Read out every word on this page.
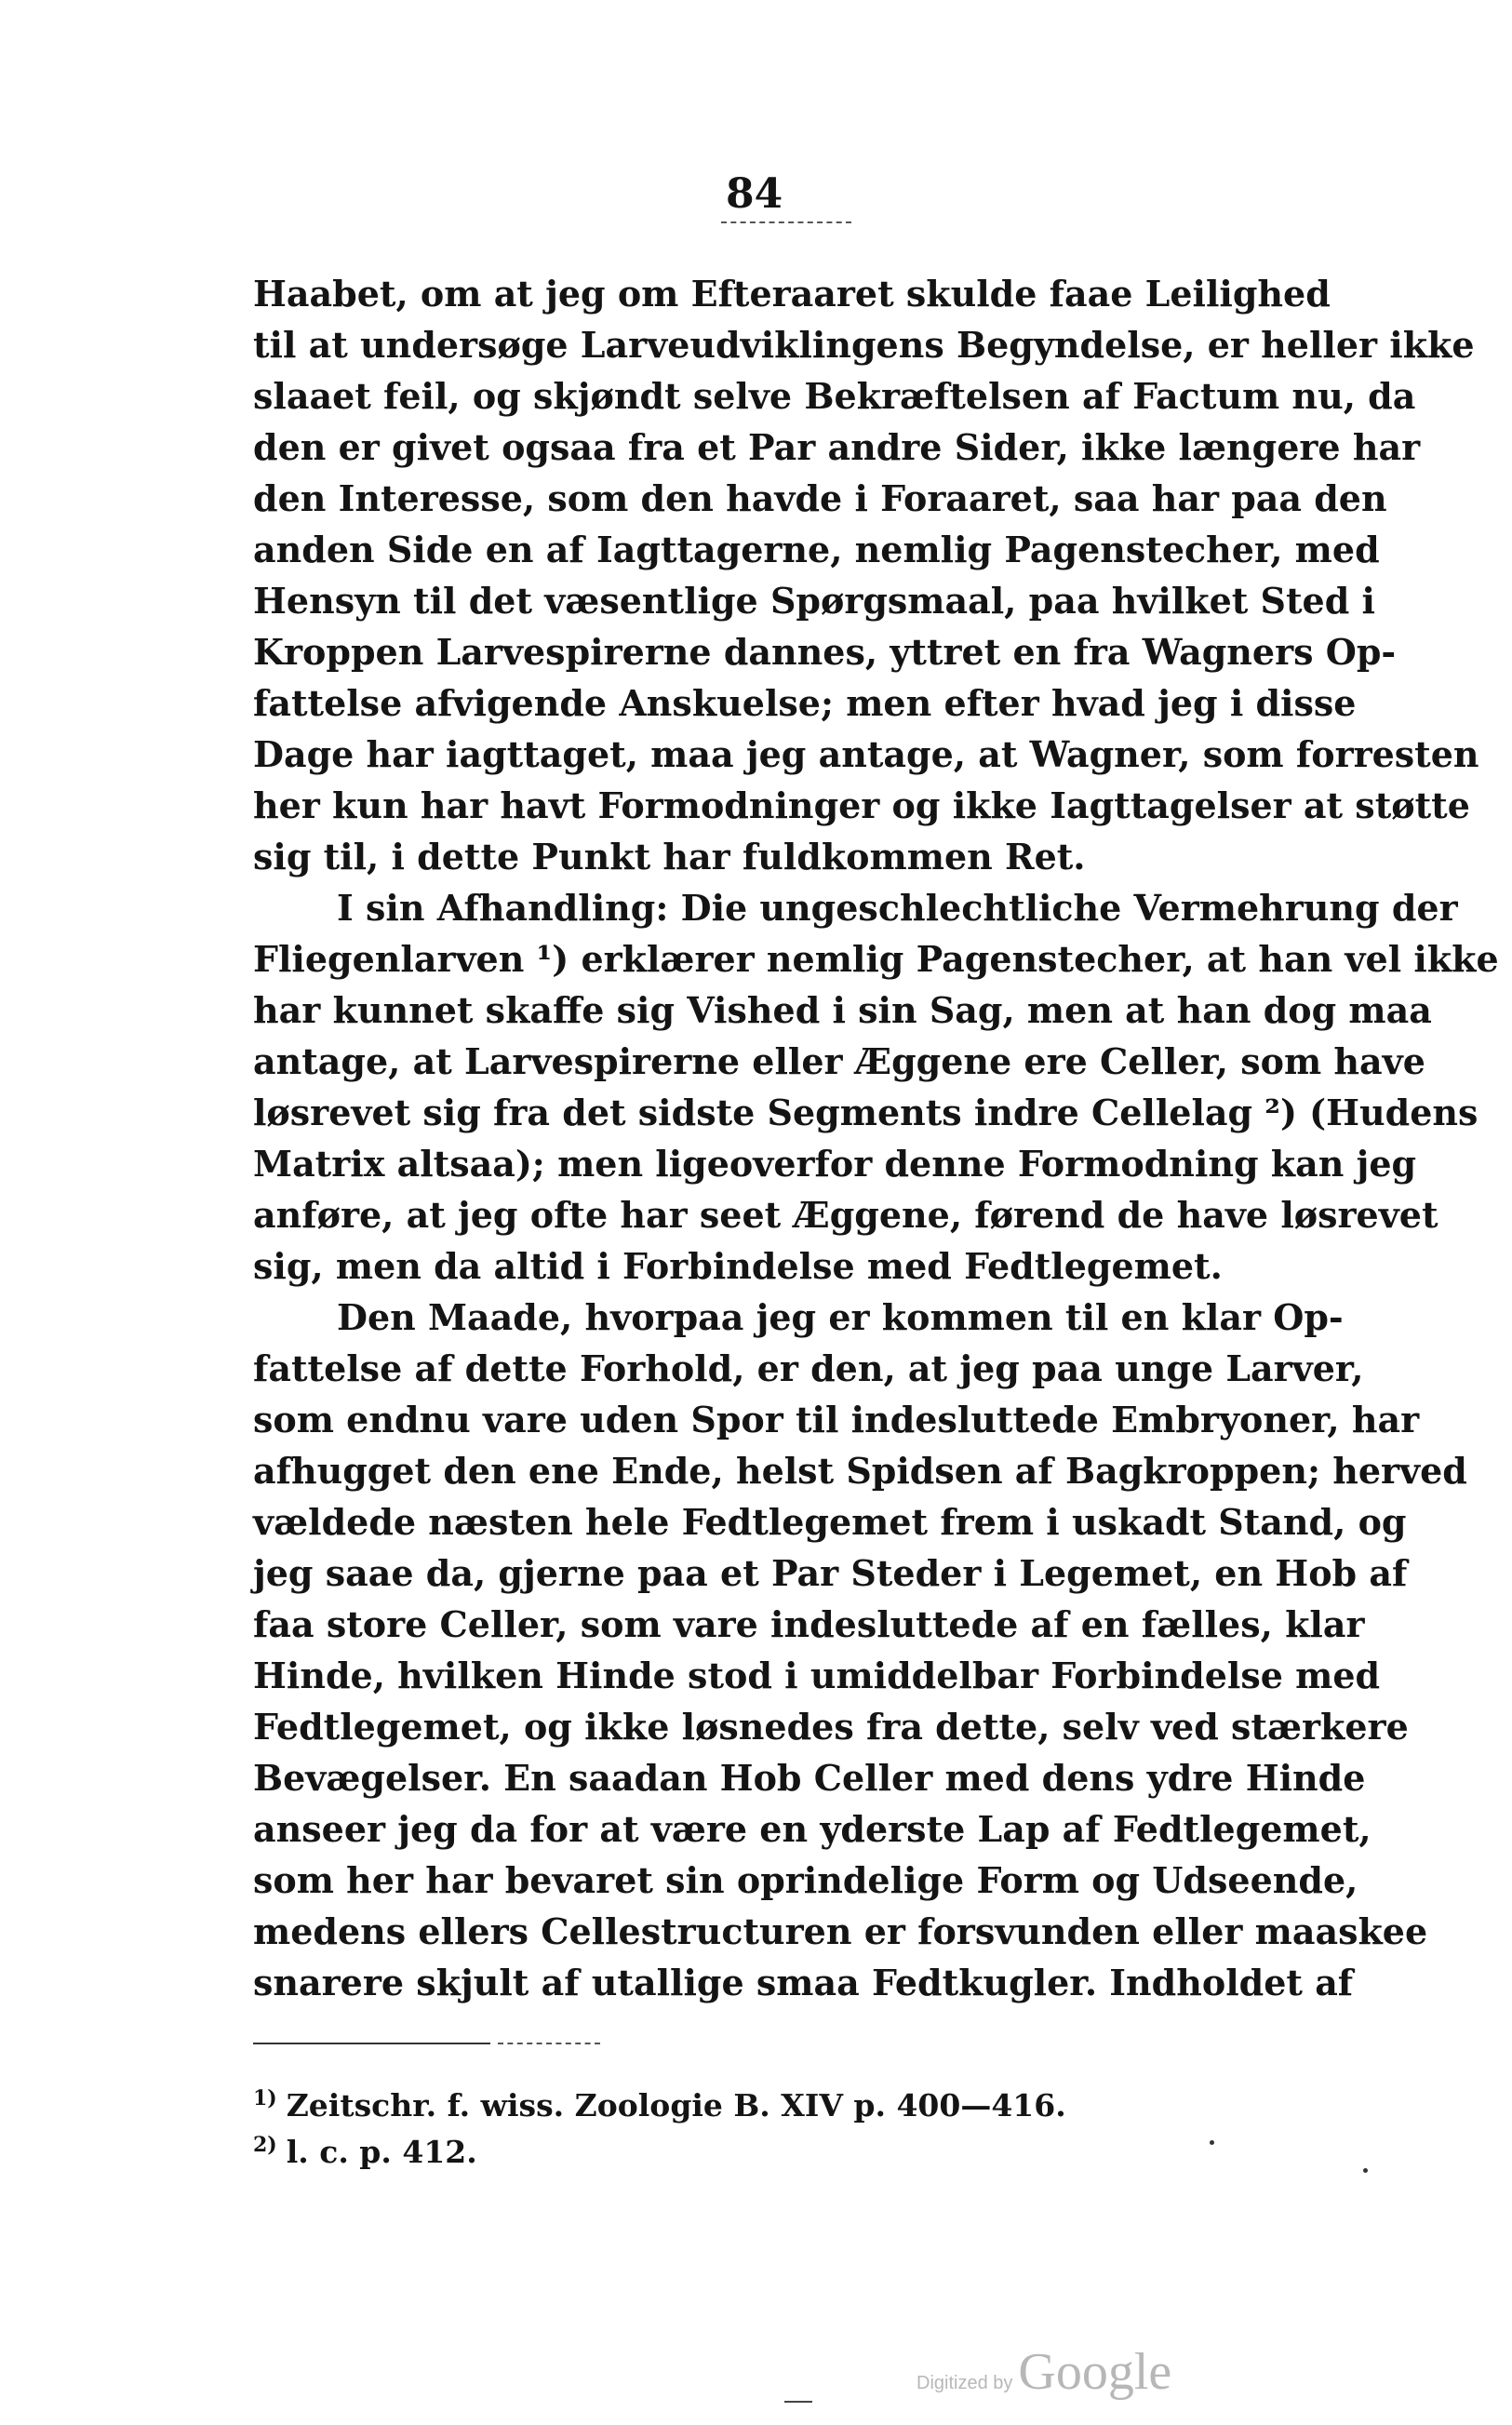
84
Haabet, om at jeg om Efteraaret skulde faae Leilighed
til at undersøge Larveudviklingens Begyndelse, er heller ikke
slaaet feil, og skjøndt selve Bekræftelsen af Factum nu, da
den er givet ogsaa fra et Par andre Sider, ikke længere har
den Interesse, som den havde i Foraaret, saa har paa den
anden Side en af Iagttagerne, nemlig Pagenstecher, med
Hensyn til det væsentlige Spørgsmaal, paa hvilket Sted i
Kroppen Larvespirerne dannes, yttret en fra Wagners Op-
fattelse afvigende Anskuelse; men efter hvad jeg i disse
Dage har iagttaget, maa jeg antage, at Wagner, som forresten
her kun har havt Formodninger og ikke Iagttagelser at støtte
sig til, i dette Punkt har fuldkommen Ret.
I sin Afhandling: Die ungeschlechtliche Vermehrung der
Fliegenlarven ¹) erklærer nemlig Pagenstecher, at han vel ikke
har kunnet skaffe sig Vished i sin Sag, men at han dog maa
antage, at Larvespirerne eller Æggene ere Celler, som have
løsrevet sig fra det sidste Segments indre Cellelag ²) (Hudens
Matrix altsaa); men ligeoverfor denne Formodning kan jeg
anføre, at jeg ofte har seet Æggene, førend de have løsrevet
sig, men da altid i Forbindelse med Fedtlegemet.
Den Maade, hvorpaa jeg er kommen til en klar Op-
fattelse af dette Forhold, er den, at jeg paa unge Larver,
som endnu vare uden Spor til indesluttede Embryoner, har
afhugget den ene Ende, helst Spidsen af Bagkroppen; herved
vældede næsten hele Fedtlegemet frem i uskadt Stand, og
jeg saae da, gjerne paa et Par Steder i Legemet, en Hob af
faa store Celler, som vare indesluttede af en fælles, klar
Hinde, hvilken Hinde stod i umiddelbar Forbindelse med
Fedtlegemet, og ikke løsnedes fra dette, selv ved stærkere
Bevægelser. En saadan Hob Celler med dens ydre Hinde
anseer jeg da for at være en yderste Lap af Fedtlegemet,
som her har bevaret sin oprindelige Form og Udseende,
medens ellers Cellestructuren er forsvunden eller maaskee
snarere skjult af utallige smaa Fedtkugler. Indholdet af
$^{1)}$ Zeitschr. f. wiss. Zoologie B. XIV p. 400—416.
$^{2)}$ l. c. p. 412.
Digitized by Google
